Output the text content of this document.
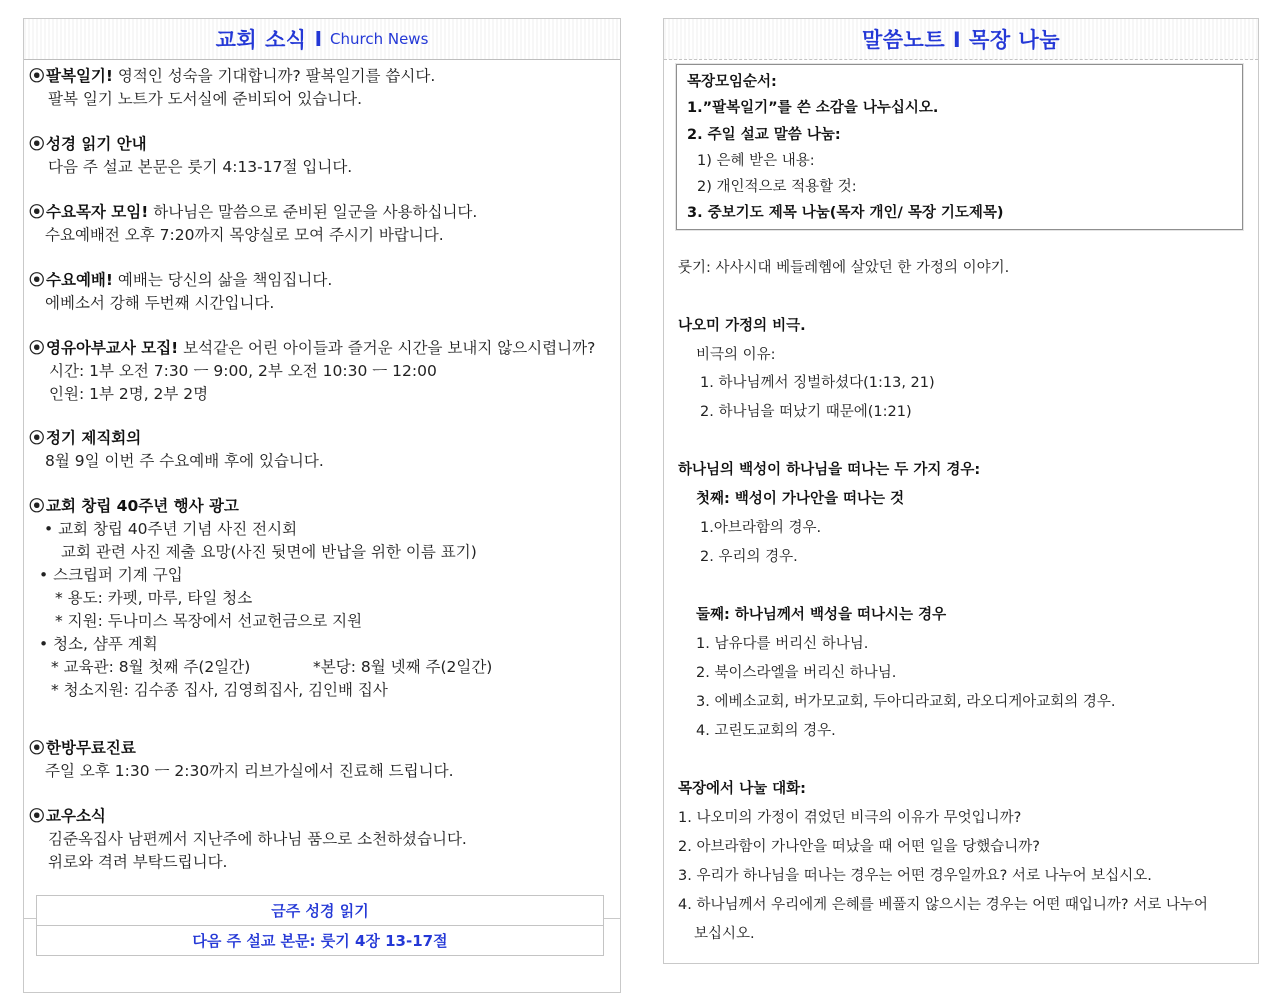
교회 소식 I Church News
⦿팔복일기! 영적인 성숙을 기대합니까? 팔복일기를 씁시다.
팔복 일기 노트가 도서실에 준비되어 있습니다.
⦿성경 읽기 안내
다음 주 설교 본문은 룻기 4:13-17절 입니다.
⦿수요목자 모임! 하나님은 말씀으로 준비된 일군을 사용하십니다.
수요예배전 오후 7:20까지 목양실로 모여 주시기 바랍니다.
⦿수요예배! 예배는 당신의 삶을 책임집니다.
에베소서 강해 두번째 시간입니다.
⦿영유아부교사 모집! 보석같은 어린 아이들과 즐거운 시간을 보내지 않으시렵니까?
시간: 1부 오전 7:30 ㅡ 9:00, 2부 오전 10:30 ㅡ 12:00
인원: 1부 2명, 2부 2명
⦿정기 제직회의
8월 9일 이번 주 수요예배 후에 있습니다.
⦿교회 창립 40주년 행사 광고
• 교회 창립 40주년 기념 사진 전시회
교회 관련 사진 제출 요망(사진 뒷면에 반납을 위한 이름 표기)
• 스크립퍼 기계 구입
* 용도: 카펫, 마루, 타일 청소
* 지원: 두나미스 목장에서 선교헌금으로 지원
• 청소, 샴푸 계획
* 교육관: 8월 첫째 주(2일간)	*본당: 8월 넷째 주(2일간)
* 청소지원: 김수종 집사, 김영희집사, 김인배 집사
⦿한방무료진료
주일 오후 1:30 ㅡ 2:30까지 리브가실에서 진료해 드립니다.
⦿교우소식
김준옥집사 남편께서 지난주에 하나님 품으로 소천하셨습니다.
위로와 격려 부탁드립니다.
금주 성경 읽기
다음 주 설교 본문: 룻기 4장 13-17절
말씀노트 I 목장 나눔
목장모임순서:
1.”팔복일기”를 쓴 소감을 나누십시오.
2. 주일 설교 말씀 나눔:
1) 은혜 받은 내용:
2) 개인적으로 적용할 것:
3. 중보기도 제목 나눔(목자 개인/ 목장 기도제목)
룻기: 사사시대 베들레헴에 살았던 한 가정의 이야기.
나오미 가정의 비극.
비극의 이유:
1. 하나님께서 징벌하셨다(1:13, 21)
2. 하나님을 떠났기 때문에(1:21)
하나님의 백성이 하나님을 떠나는 두 가지 경우:
첫째: 백성이 가나안을 떠나는 것
1.아브라함의 경우.
2. 우리의 경우.
둘째: 하나님께서 백성을 떠나시는 경우
1. 남유다를 버리신 하나님.
2. 북이스라엘을 버리신 하나님.
3. 에베소교회, 버가모교회, 두아디라교회, 라오디게아교회의 경우.
4. 고린도교회의 경우.
목장에서 나눌 대화:
1. 나오미의 가정이 겪었던 비극의 이유가 무엇입니까?
2. 아브라함이 가나안을 떠났을 때 어떤 일을 당했습니까?
3. 우리가 하나님을 떠나는 경우는 어떤 경우일까요? 서로 나누어 보십시오.
4. 하나님께서 우리에게 은혜를 베풀지 않으시는 경우는 어떤 때입니까? 서로 나누어
보십시오.
